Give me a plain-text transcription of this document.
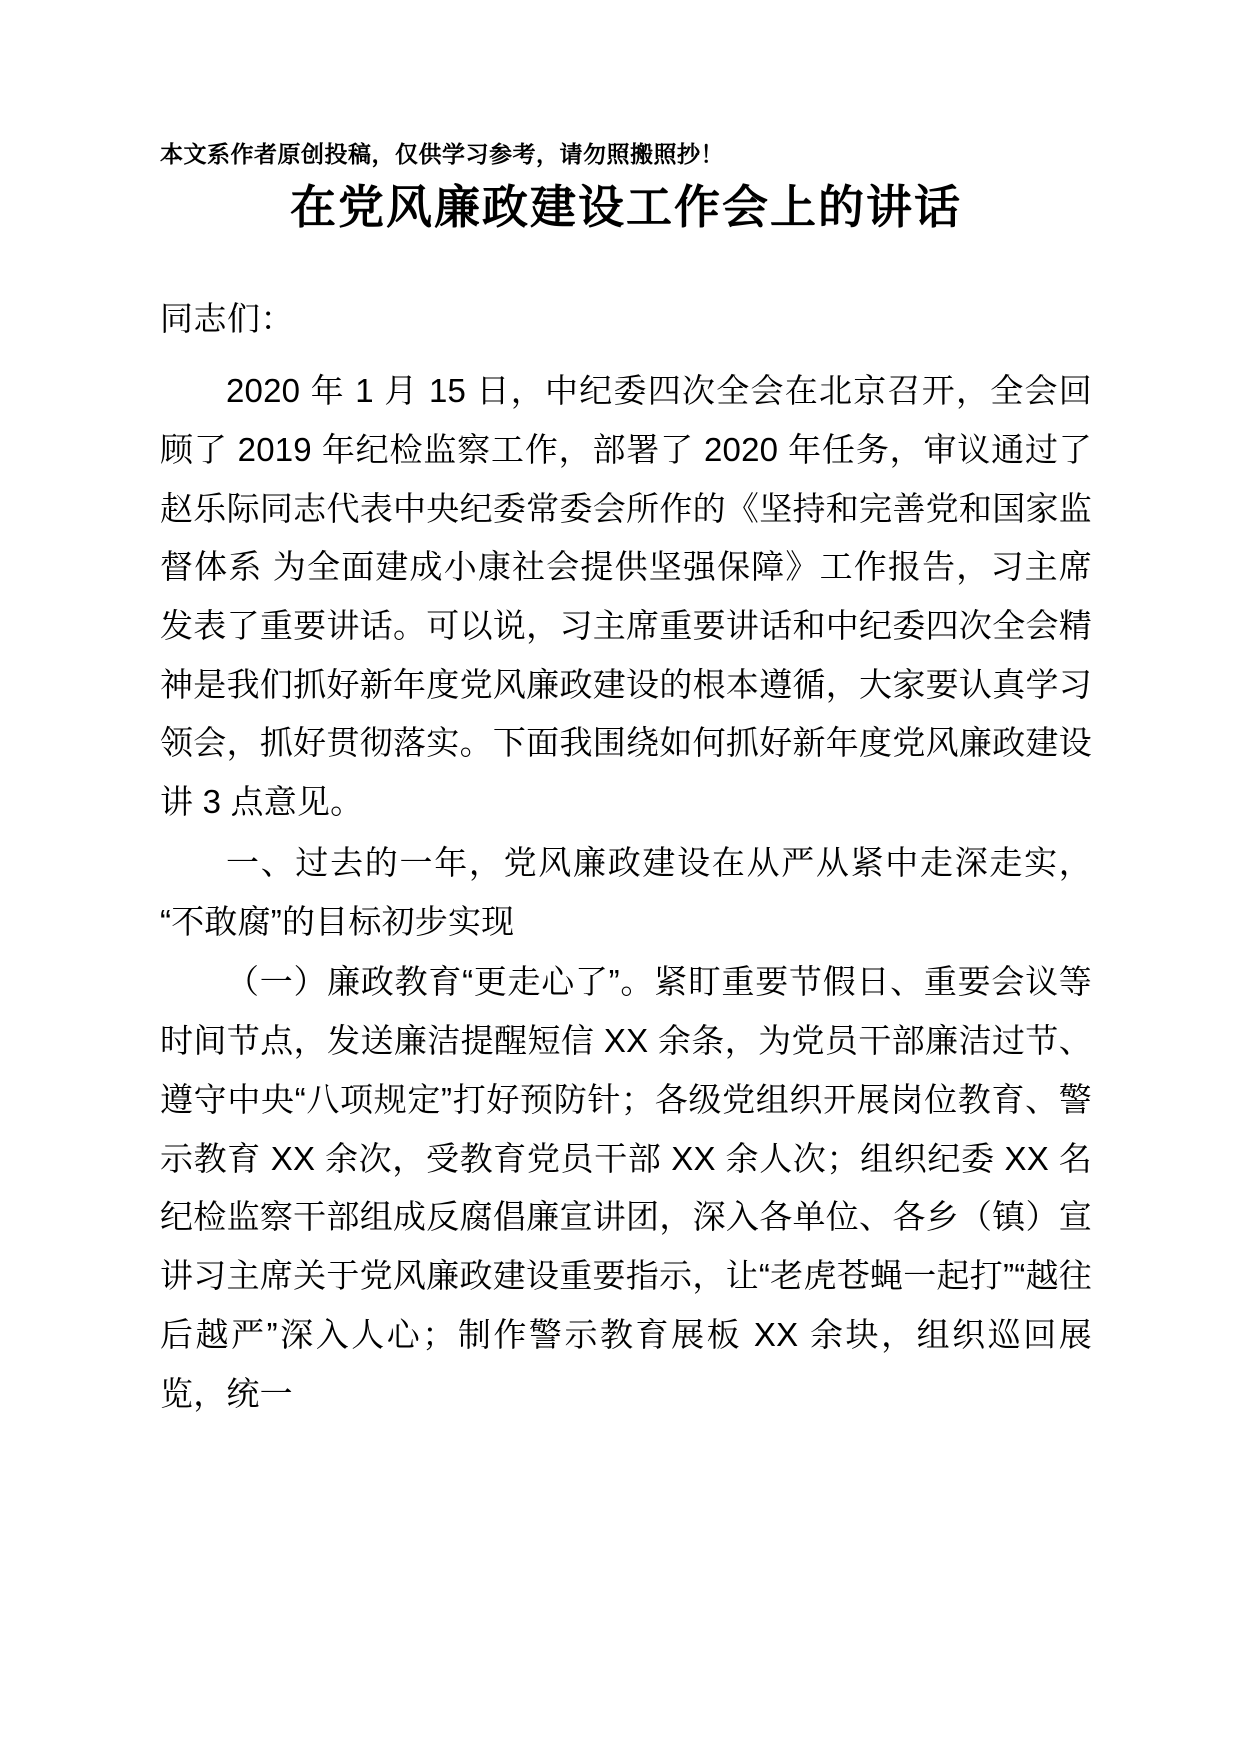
本文系作者原创投稿，仅供学习参考，请勿照搬照抄！
在党风廉政建设工作会上的讲话

同志们：

2020 年 1 月 15 日，中纪委四次全会在北京召开，全会回顾了 2019 年纪检监察工作，部署了 2020 年任务，审议通过了赵乐际同志代表中央纪委常委会所作的《坚持和完善党和国家监督体系 为全面建成小康社会提供坚强保障》工作报告，习主席发表了重要讲话。可以说，习主席重要讲话和中纪委四次全会精神是我们抓好新年度党风廉政建设的根本遵循，大家要认真学习领会，抓好贯彻落实。下面我围绕如何抓好新年度党风廉政建设讲 3 点意见。

一、过去的一年，党风廉政建设在从严从紧中走深走实，“不敢腐”的目标初步实现

（一）廉政教育“更走心了”。紧盯重要节假日、重要会议等时间节点，发送廉洁提醒短信 XX 余条，为党员干部廉洁过节、遵守中央“八项规定”打好预防针；各级党组织开展岗位教育、警示教育 XX 余次，受教育党员干部 XX 余人次；组织纪委 XX 名纪检监察干部组成反腐倡廉宣讲团，深入各单位、各乡（镇）宣讲习主席关于党风廉政建设重要指示，让“老虎苍蝇一起打”“越往后越严”深入人心；制作警示教育展板 XX 余块，组织巡回展览，统一
